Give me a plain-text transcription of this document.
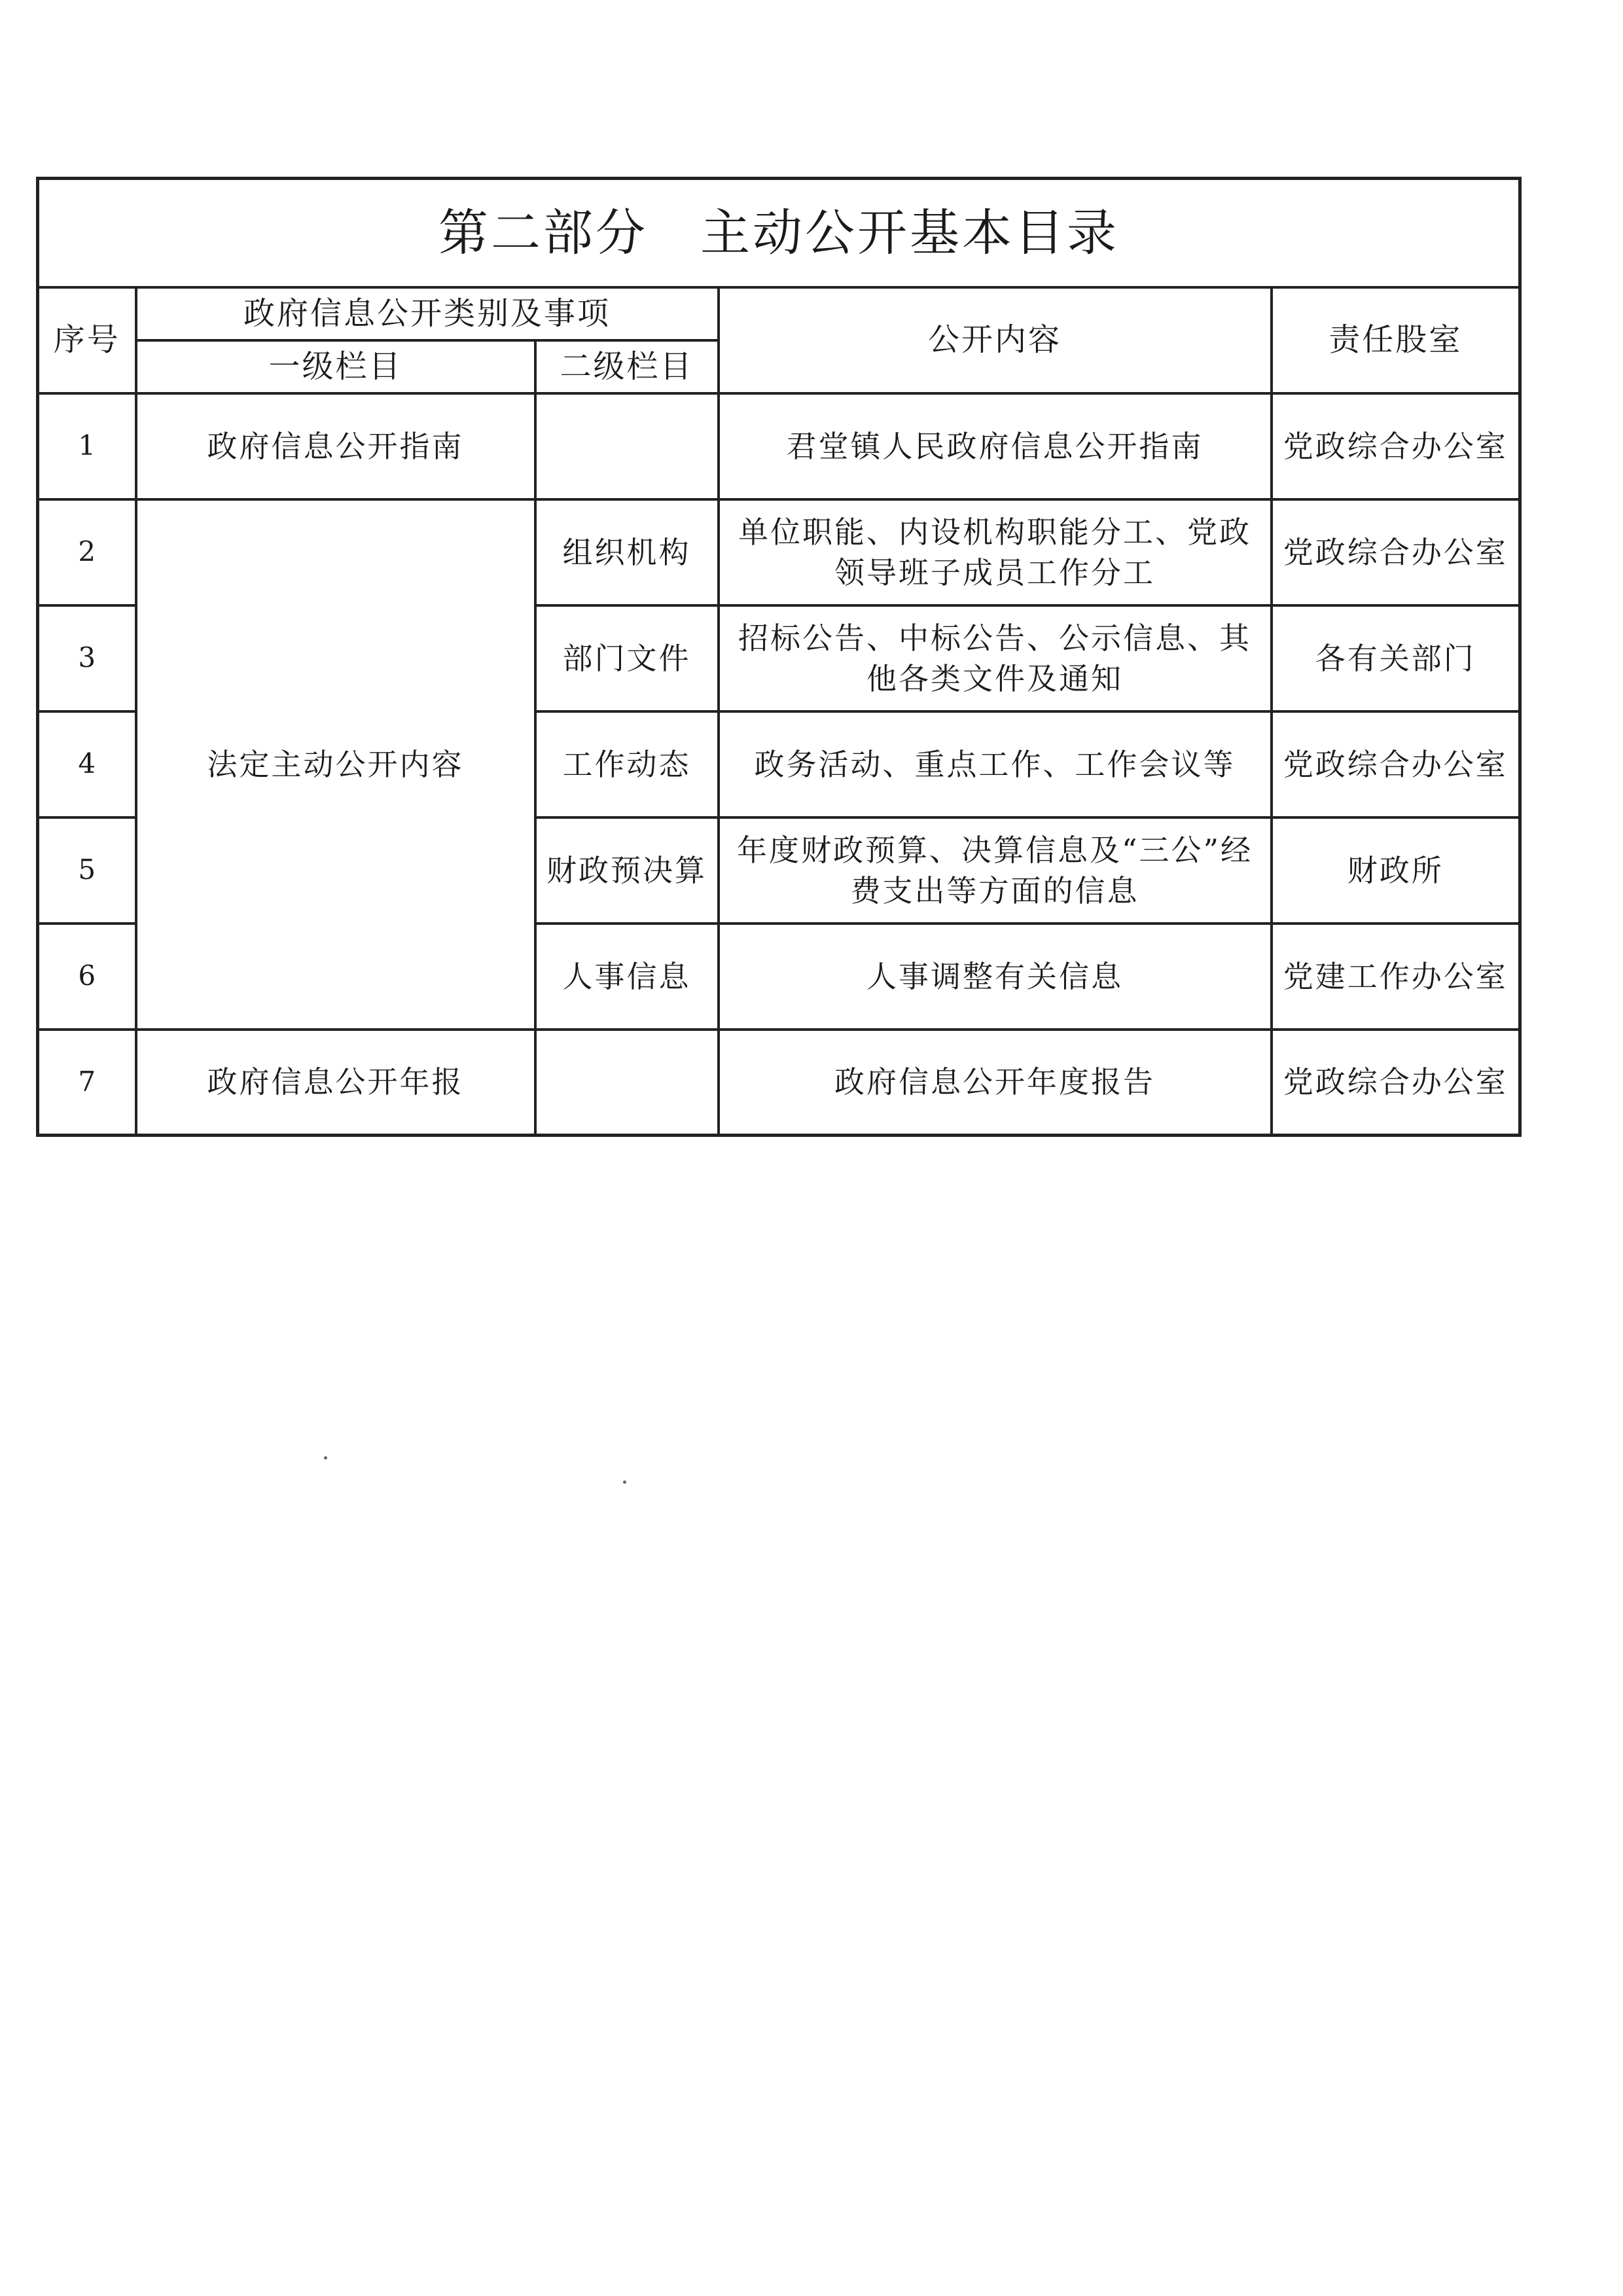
第二部分 主动公开基本目录				
序号	政府信息公开类别及事项		公开内容	责任股室
	一级栏目	二级栏目		
1	政府信息公开指南		君堂镇人民政府信息公开指南	党政综合办公室
2	法定主动公开内容	组织机构	单位职能、内设机构职能分工、党政领导班子成员工作分工	党政综合办公室
3		部门文件	招标公告、中标公告、公示信息、其他各类文件及通知	各有关部门
4		工作动态	政务活动、重点工作、工作会议等	党政综合办公室
5		财政预决算	年度财政预算、决算信息及“三公”经费支出等方面的信息	财政所
6		人事信息	人事调整有关信息	党建工作办公室
7	政府信息公开年报		政府信息公开年度报告	党政综合办公室
